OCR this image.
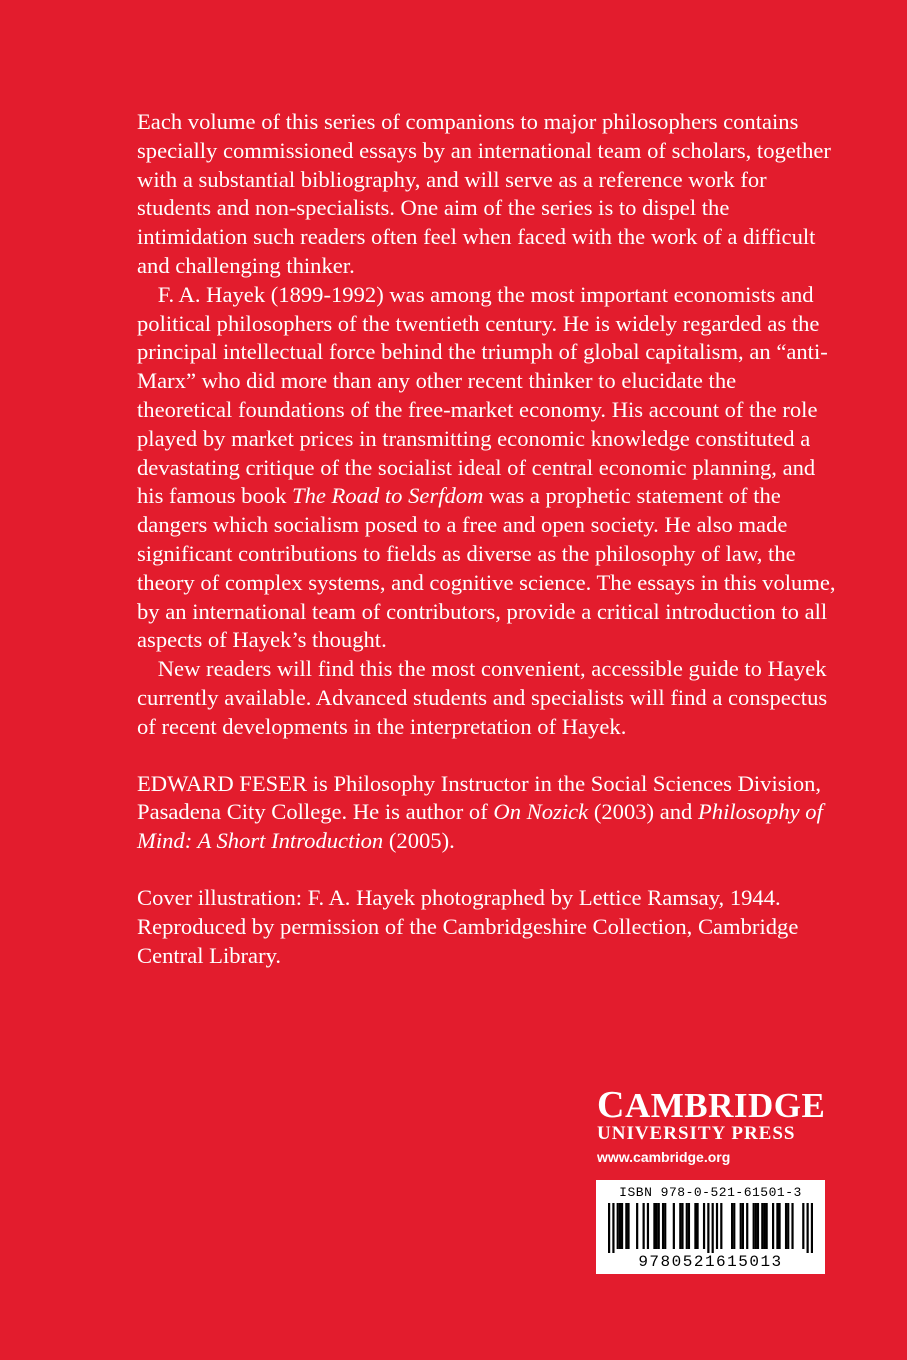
Each volume of this series of companions to major philosophers contains specially commissioned essays by an international team of scholars, together with a substantial bibliography, and will serve as a reference work for students and non-specialists. One aim of the series is to dispel the intimidation such readers often feel when faced with the work of a difficult and challenging thinker.

F. A. Hayek (1899-1992) was among the most important economists and political philosophers of the twentieth century. He is widely regarded as the principal intellectual force behind the triumph of global capitalism, an “anti-Marx” who did more than any other recent thinker to elucidate the theoretical foundations of the free-market economy. His account of the role played by market prices in transmitting economic knowledge constituted a devastating critique of the socialist ideal of central economic planning, and his famous book The Road to Serfdom was a prophetic statement of the dangers which socialism posed to a free and open society. He also made significant contributions to fields as diverse as the philosophy of law, the theory of complex systems, and cognitive science. The essays in this volume, by an international team of contributors, provide a critical introduction to all aspects of Hayek’s thought.

New readers will find this the most convenient, accessible guide to Hayek currently available. Advanced students and specialists will find a conspectus of recent developments in the interpretation of Hayek.

EDWARD FESER is Philosophy Instructor in the Social Sciences Division, Pasadena City College. He is author of On Nozick (2003) and Philosophy of Mind: A Short Introduction (2005).

Cover illustration: F. A. Hayek photographed by Lettice Ramsay, 1944. Reproduced by permission of the Cambridgeshire Collection, Cambridge Central Library.

CAMBRIDGE
UNIVERSITY PRESS
www.cambridge.org
ISBN 978-0-521-61501-3
9780521615013
